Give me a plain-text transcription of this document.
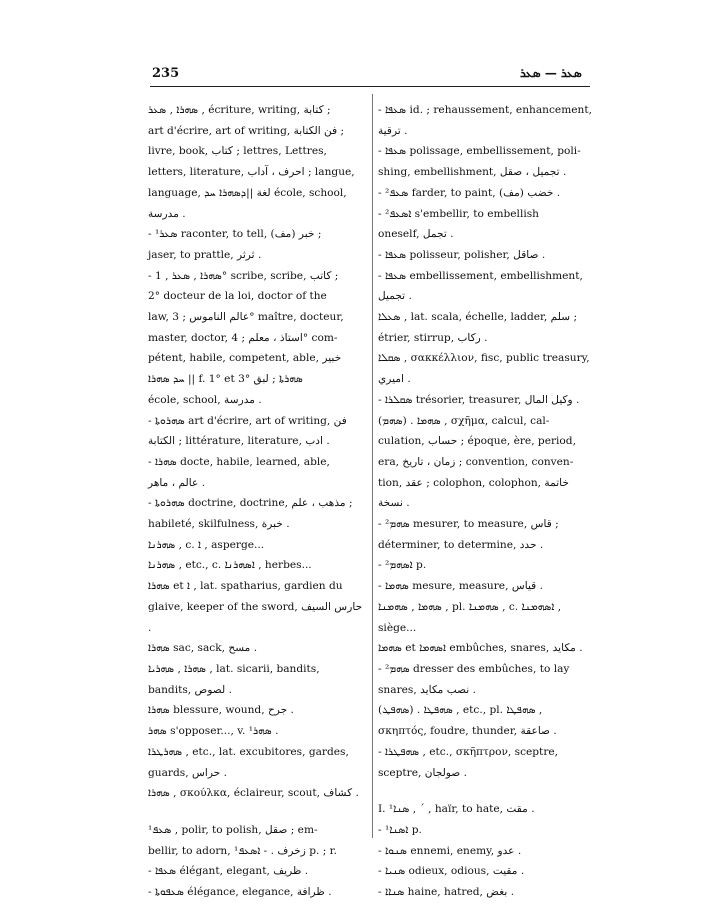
235	ܣܥܪ — ܣܥܪ

ܣܗܪܐ , ܣܥܪ , écriture, writing, كتابة ;

art d'écrire, art of writing, فن الكتابة ;

livre, book, كتاب ; lettres, Lettres,

letters, literature, احرف ، آداب ; langue,

language, لغة ||ܕܣܗܪܐ ܚܕ école, school,

مدرسة .

- ܣܥܪ¹ raconter, to tell, (مف) خبر ;

jaser, to prattle, ثرثر .

- ܣܗܪܐ , ܣܥܪ , 1° scribe, scribe, كاتب ;

2° docteur de la loi, doctor of the

law, عالم الناموس ; 3° maître, docteur,

master, doctor, استاذ ، معلم ; 4° com-

pétent, habile, competent, able, خبير

ܚܕ ܣܗܪܐ || f. 1° et 3° ܣܗܪܬܐ ; لبق

école, school, مدرسة .

- ܣܗܪܘܬܐ art d'écrire, art of writing, فن

الكتابة ; littérature, literature, ادب .

- ܣܗܪܐ docte, habile, learned, able,

عالم ، ماهر .

- ܣܗܪܘܬܐ doctrine, doctrine, مذهب ، علم ;

habileté, skilfulness, خبرة .

ܣܗܪܢܐ , c. ܐ , asperge...

ܣܗܪܢܐ , etc., c. ܐܣܗܪܢܐ , herbes...

ܣܗܪܐ et ܐ , lat. spatharius, gardien du

glaive, keeper of the sword, حارس السيف .

ܣܗܪܐ sac, sack, مسح .

ܣܗܪܐ , ܣܗܪܝܐ , lat. sicarii, bandits, bandits, لصوص .

ܣܗܪܐ blessure, wound, جرح .

ܣܗܪ s'opposer..., v. ܣܗܪ¹ .

ܣܗܪܛܪܐ , etc., lat. excubitores, gardes,

guards, حراس .

ܣܗܪܐ , σκούλκα, éclaireur, scout, كشاف .

ܣܥܦ¹ , polir, to polish, صقل ; em-

bellir, to adorn, زخرف . - ܐܣܥܦ¹ p. ; r.

- ܣܥܦܐ élégant, elegant, ظريف .

- ܣܥܦܘܬܐ élégance, elegance, ظرافة .

- ܣܥܦܐ id. ; rehaussement, enhancement,

ترقية .

- ܣܥܦܐ polissage, embellissement, poli-

shing, embellishment, تجميل ، صقل .

- ܣܥܦ² farder, to paint, (مف) خضب .

- ܐܣܥܦ² s'embellir, to embellish

oneself, تجمل .

- ܣܥܦܐ polisseur, polisher, صاقل .

- ܣܥܦܐ embellissement, embellishment,

تجميل .

ܣܥܠܐ , lat. scala, échelle, ladder, سلم ;

étrier, stirrup, ركاب .

ܣܩܠܐ , σακκέλλιον, fisc, public treasury,

اميري .

- ܣܩܠܪܐ trésorier, treasurer, وكيل المال .

(ܣܗܡ) . ܣܗܡܐ , σχῆμα, calcul, cal-

culation, حساب ; époque, ère, period,

era, زمان ، تاريخ ; convention, conven-

tion, عقد ; colophon, colophon, خاتمة نسخة .

- ܣܗܡ² mesurer, to measure, قاس ;

déterminer, to determine, حدد .

- ܐܣܗܡ² p.

- ܣܗܡܐ mesure, measure, قياس .

ܣܗܡܐ , ܣܗܡܢܐ , pl. ܣܗܡܢܐ , c. ܐܣܗܡܢܐ ,

siège...

ܣܗܡܐ et ܐܣܗܡܐ embûches, snares, مكايد .

- ܣܗܡ² dresser des embûches, to lay

snares, نصب مكايد .

(ܣܗܦܛ) . ܣܗܦܛܐ , etc., pl. ܣܗܦܛܐ ,

σκηπτός, foudre, thunder, صاعقة .

- ܣܗܦܛܪܐ , etc., σκῆπτρον, sceptre,

sceptre, صولجان .

I. ܣܢܐ¹ , ´ , haïr, to hate, مقت .

- ܐܣܢܐ¹ p.

- ܣܢܘܐ ennemi, enemy, عدو .

- ܣܢܝܐ odieux, odious, مقيت .

- ܣܢܐܐ haine, hatred, بغض .
